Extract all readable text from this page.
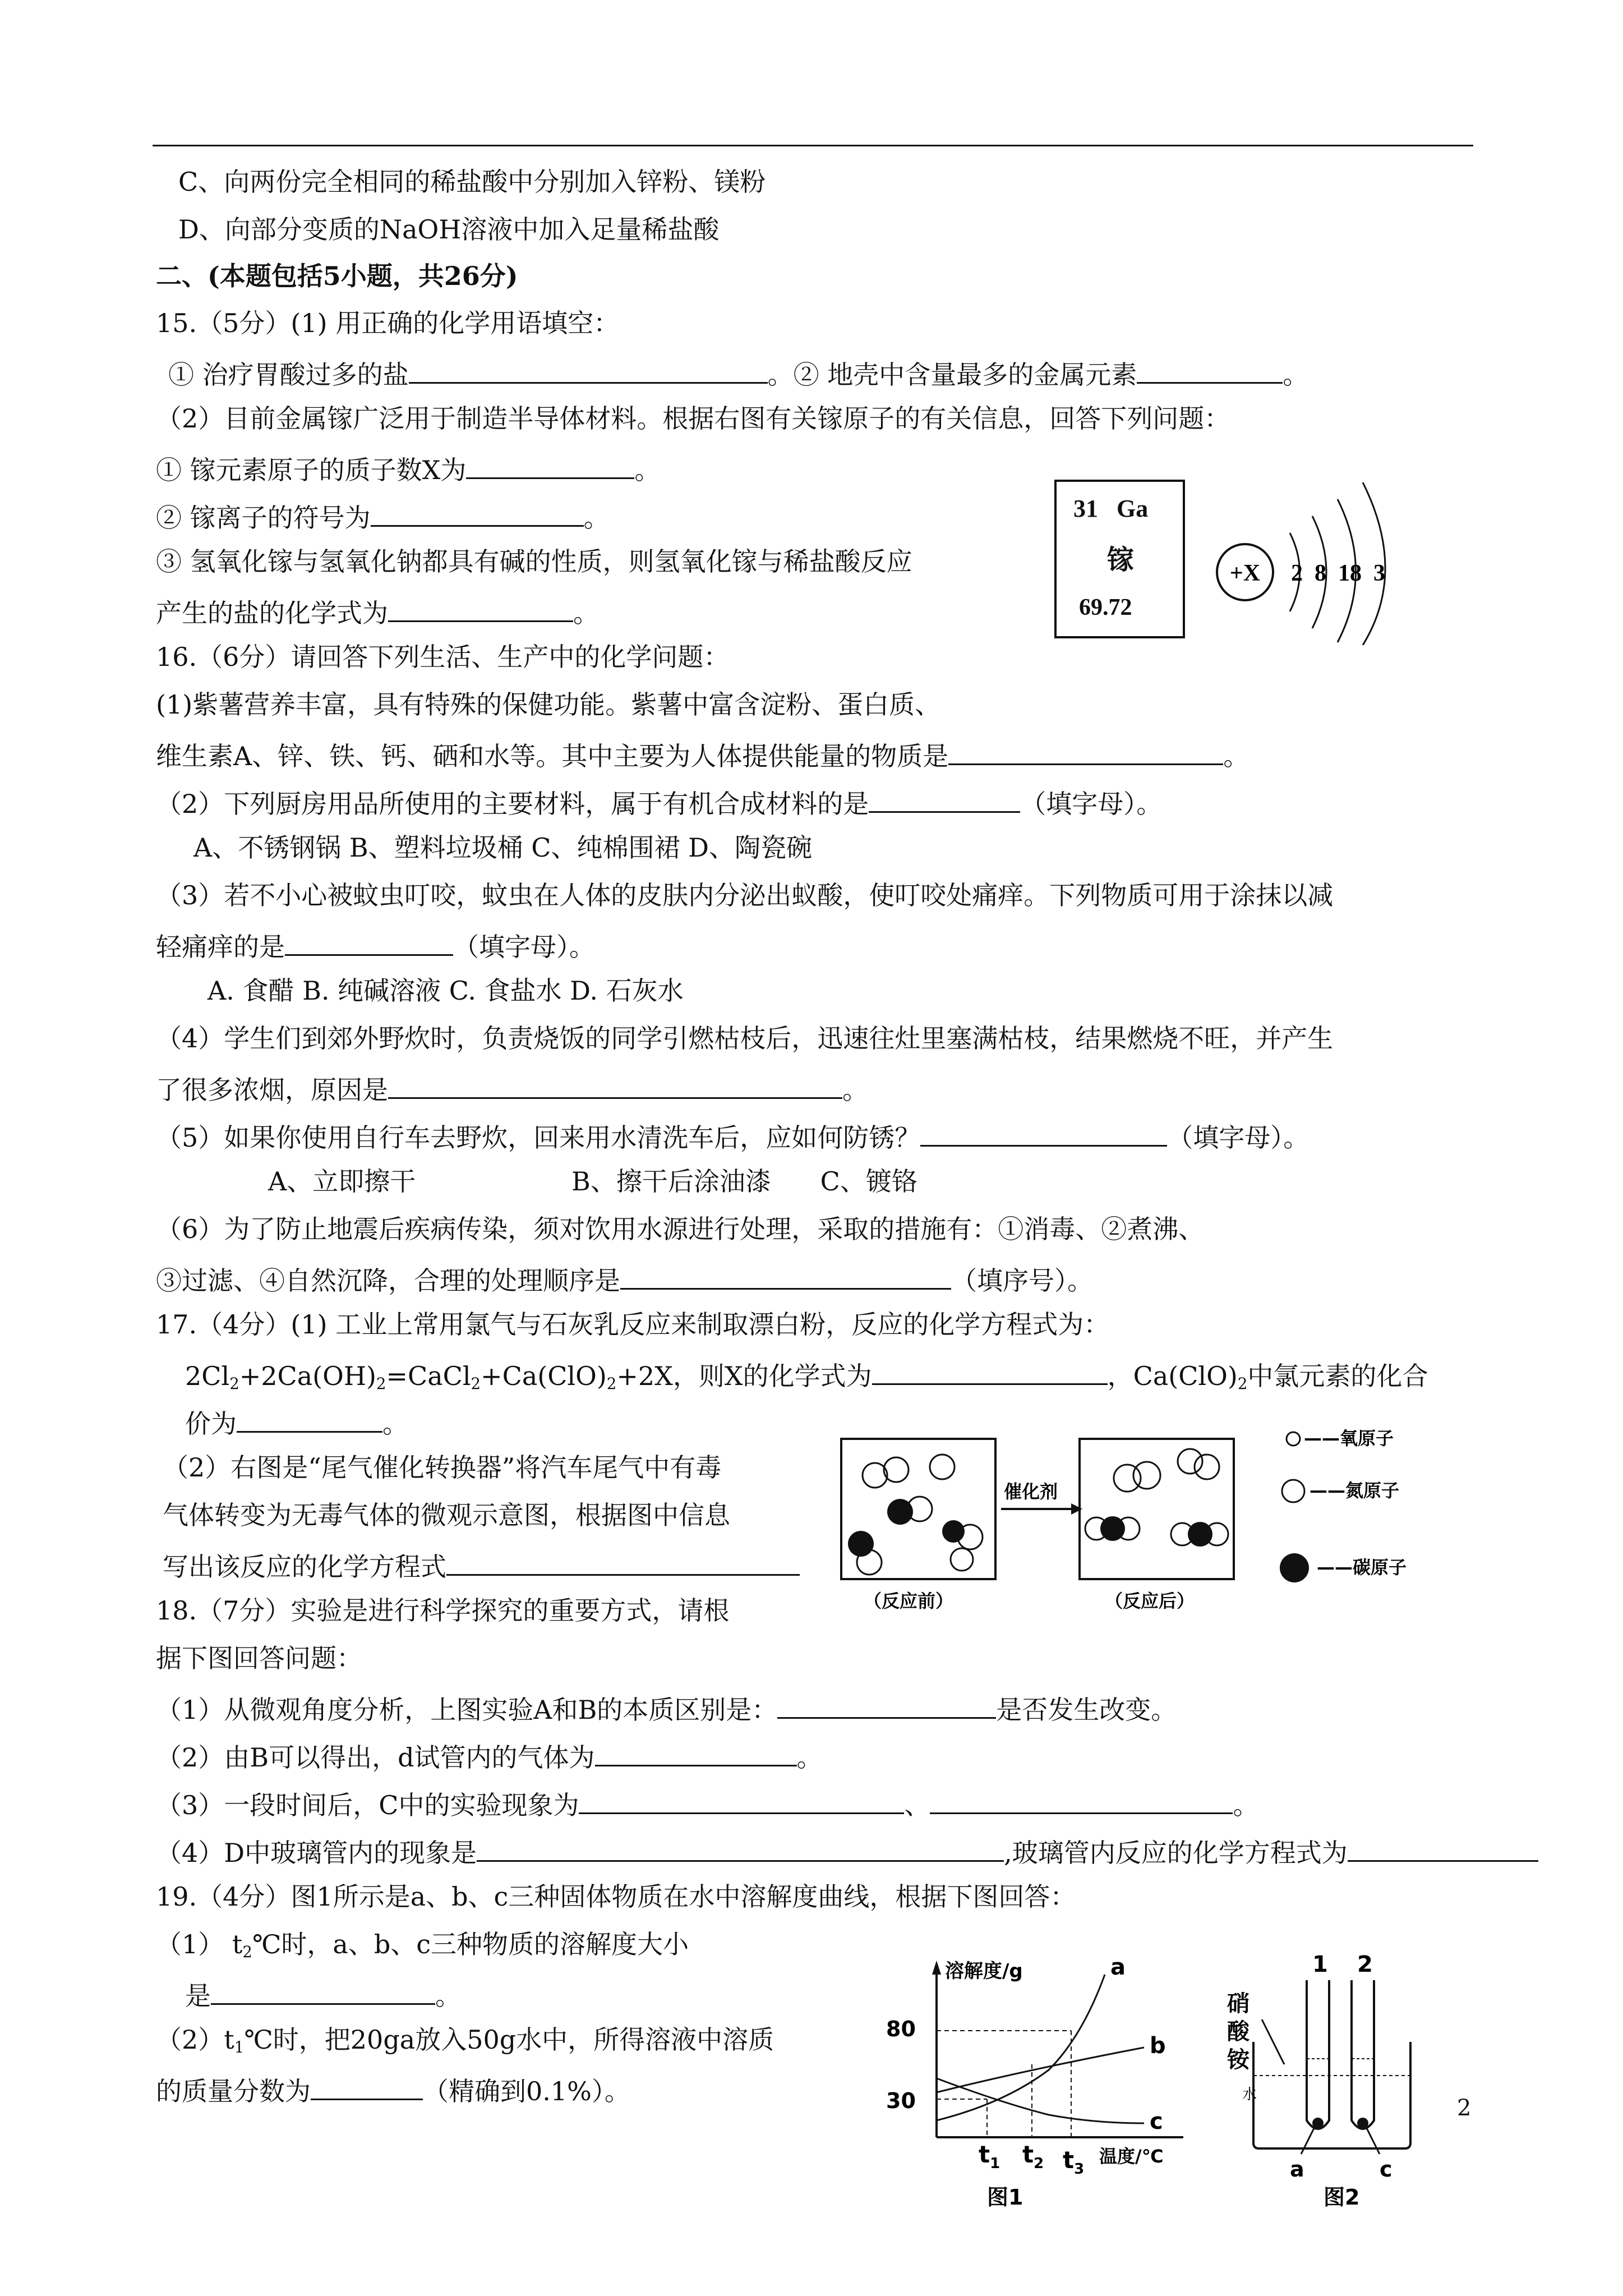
C、向两份完全相同的稀盐酸中分别加入锌粉、镁粉
D、向部分变质的NaOH溶液中加入足量稀盐酸
二、(本题包括5小题，共26分)
15.（5分）(1) 用正确的化学用语填空：
① 治疗胃酸过多的盐	。② 地壳中含量最多的金属元素	。
（2）目前金属镓广泛用于制造半导体材料。根据右图有关镓原子的有关信息，回答下列问题：
① 镓元素原子的质子数X为	。
② 镓离子的符号为	。
③ 氢氧化镓与氢氧化钠都具有碱的性质，则氢氧化镓与稀盐酸反应
产生的盐的化学式为	。
31 Ga
镓
69.72
+X 2  8  18  3
16.（6分）请回答下列生活、生产中的化学问题：
(1)紫薯营养丰富，具有特殊的保健功能。紫薯中富含淀粉、蛋白质、
维生素A、锌、铁、钙、硒和水等。其中主要为人体提供能量的物质是	。
（2）下列厨房用品所使用的主要材料，属于有机合成材料的是	（填字母）。
A、不锈钢锅 B、塑料垃圾桶 C、纯棉围裙 D、陶瓷碗
（3）若不小心被蚊虫叮咬，蚊虫在人体的皮肤内分泌出蚁酸，使叮咬处痛痒。下列物质可用于涂抹以减
轻痛痒的是	（填字母）。
A. 食醋 B. 纯碱溶液 C. 食盐水 D. 石灰水
（4）学生们到郊外野炊时，负责烧饭的同学引燃枯枝后，迅速往灶里塞满枯枝，结果燃烧不旺，并产生
了很多浓烟，原因是	。
（5）如果你使用自行车去野炊，回来用水清洗车后，应如何防锈？	（填字母）。
A、立即擦干                   B、擦干后涂油漆      C、镀铬
（6）为了防止地震后疾病传染，须对饮用水源进行处理，采取的措施有：①消毒、②煮沸、
③过滤、④自然沉降，合理的处理顺序是	（填序号）。
17.（4分）(1) 工业上常用氯气与石灰乳反应来制取漂白粉，反应的化学方程式为：
$2Cl_2+2Ca(OH)_2=CaCl_2+Ca(ClO)_2+2X$，则X的化学式为	，$Ca(ClO)_2$中氯元素的化合
价为	。
（2）右图是“尾气催化转换器”将汽车尾气中有毒
气体转变为无毒气体的微观示意图，根据图中信息
写出该反应的化学方程式
催化剂
（反应前）	（反应后）
——氧原子
——氮原子
——碳原子
18.（7分）实验是进行科学探究的重要方式，请根
据下图回答问题：
（1）从微观角度分析，上图实验A和B的本质区别是：	是否发生改变。
（2）由B可以得出，d试管内的气体为	。
（3）一段时间后，C中的实验现象为	、	。
（4）D中玻璃管内的现象是	,玻璃管内反应的化学方程式为
19.（4分）图1所示是a、b、c三种固体物质在水中溶解度曲线，根据下图回答：
（1） $t_2℃$时，a、b、c三种物质的溶解度大小
是	。
$(2)t_1℃$时，把20ga放入50g水中，所得溶液中溶质
的质量分数为	（精确到0.1%）。
溶解度/g
80
30
a
b
c
$t_1$ $t_2$ $t_3$
温度/℃
图1
1 2
硝
酸
铵
水
a	c
图2
2
